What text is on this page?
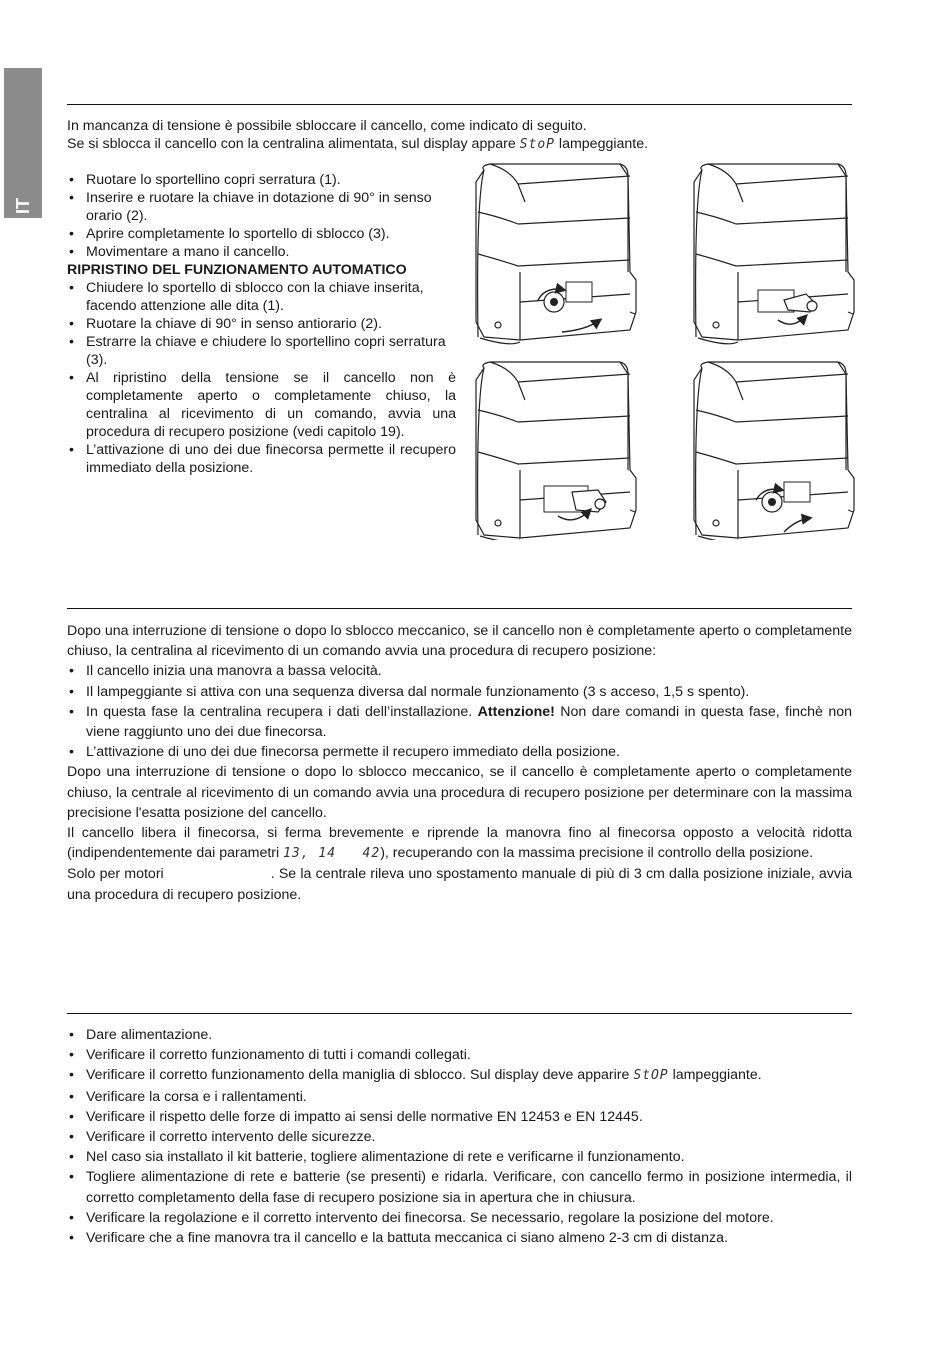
IT

In mancanza di tensione è possibile sbloccare il cancello, come indicato di seguito.

Se si sblocca il cancello con la centralina alimentata, sul display appare StoP lampeggiante.

• Ruotare lo sportellino copri serratura (1).
• Inserire e ruotare la chiave in dotazione di 90° in senso orario (2).
• Aprire completamente lo sportello di sblocco (3).
• Movimentare a mano il cancello.

RIPRISTINO DEL FUNZIONAMENTO AUTOMATICO

• Chiudere lo sportello di sblocco con la chiave inserita, facendo attenzione alle dita (1).
• Ruotare la chiave di 90° in senso antiorario (2).
• Estrarre la chiave e chiudere lo sportellino copri serratura (3).
• Al ripristino della tensione se il cancello non è completamente aperto o completamente chiuso, la centralina al ricevimento di un comando, avvia una procedura di recupero posizione (vedi capitolo 19).
• L’attivazione di uno dei due finecorsa permette il recupero immediato della posizione.

Dopo una interruzione di tensione o dopo lo sblocco meccanico, se il cancello non è completamente aperto o completamente chiuso, la centralina al ricevimento di un comando avvia una procedura di recupero posizione:

• Il cancello inizia una manovra a bassa velocità.
• Il lampeggiante si attiva con una sequenza diversa dal normale funzionamento (3 s acceso, 1,5 s spento).
• In questa fase la centralina recupera i dati dell’installazione. Attenzione! Non dare comandi in questa fase, finchè non viene raggiunto uno dei due finecorsa.
• L’attivazione di uno dei due finecorsa permette il recupero immediato della posizione.

Dopo una interruzione di tensione o dopo lo sblocco meccanico, se il cancello è completamente aperto o completamente chiuso, la centrale al ricevimento di un comando avvia una procedura di recupero posizione per determinare con la massima precisione l'esatta posizione del cancello.

Il cancello libera il finecorsa, si ferma brevemente e riprende la manovra fino al finecorsa opposto a velocità ridotta (indipendentemente dai parametri 13, 14   42), recuperando con la massima precisione il controllo della posizione.

Solo per motori	. Se la centrale rileva uno spostamento manuale di più di 3 cm dalla posizione iniziale, avvia una procedura di recupero posizione.

• Dare alimentazione.
• Verificare il corretto funzionamento di tutti i comandi collegati.
• Verificare il corretto funzionamento della maniglia di sblocco. Sul display deve apparire StOP lampeggiante.
• Verificare la corsa e i rallentamenti.
• Verificare il rispetto delle forze di impatto ai sensi delle normative EN 12453 e EN 12445.
• Verificare il corretto intervento delle sicurezze.
• Nel caso sia installato il kit batterie, togliere alimentazione di rete e verificarne il funzionamento.
• Togliere alimentazione di rete e batterie (se presenti) e ridarla. Verificare, con cancello fermo in posizione intermedia, il corretto completamento della fase di recupero posizione sia in apertura che in chiusura.
• Verificare la regolazione e il corretto intervento dei finecorsa. Se necessario, regolare la posizione del motore.
• Verificare che a fine manovra tra il cancello e la battuta meccanica ci siano almeno 2-3 cm di distanza.
